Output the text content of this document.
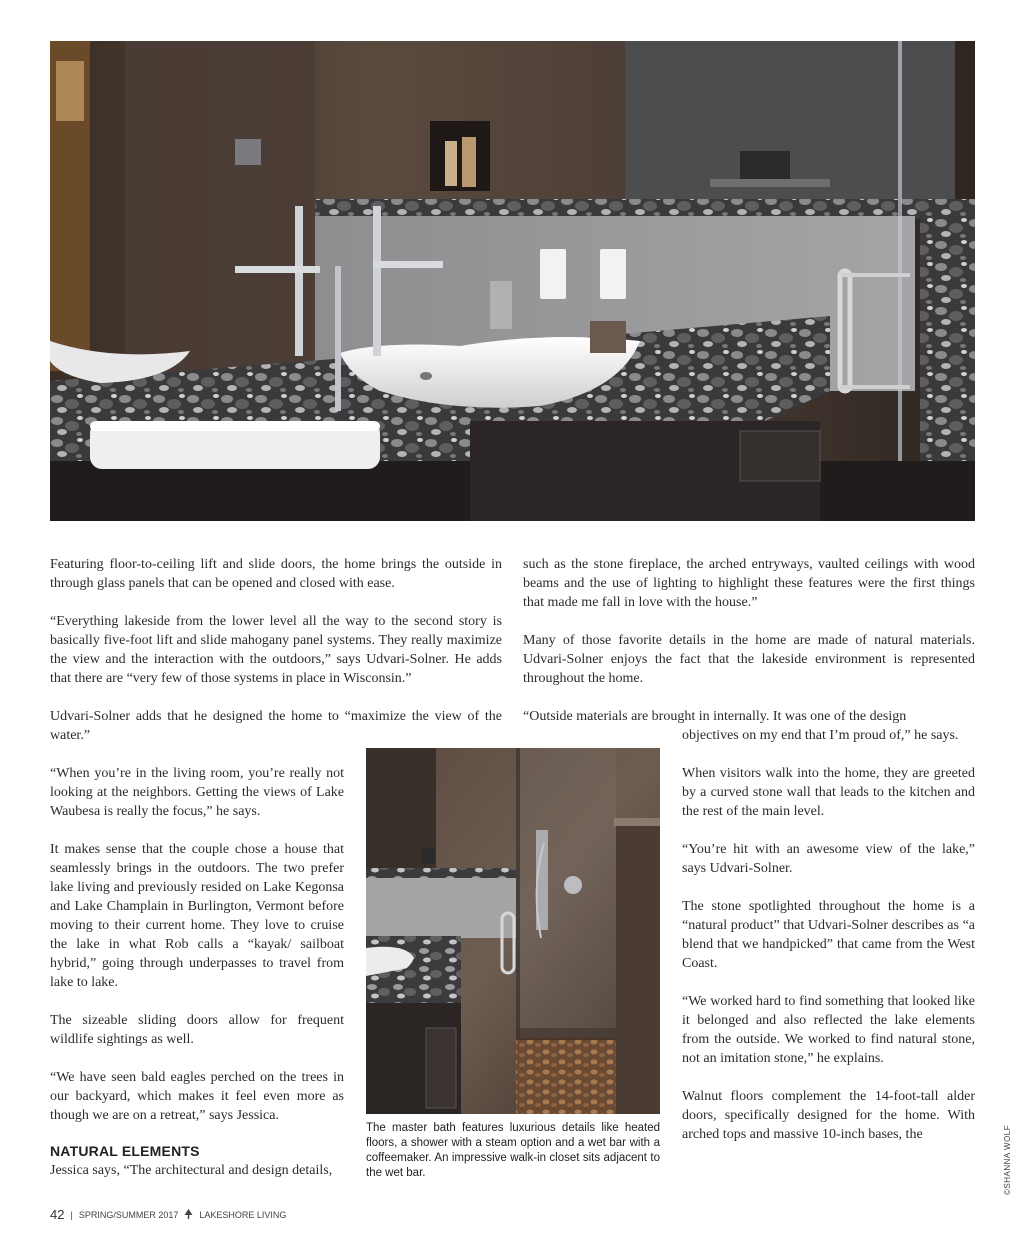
Featuring floor-to-ceiling lift and slide doors, the home brings the outside in through glass panels that can be opened and closed with ease.

“Everything lakeside from the lower level all the way to the second story is basically five-foot lift and slide mahogany panel systems. They really maximize the view and the interaction with the outdoors,” says Udvari-Solner. He adds that there are “very few of those systems in place in Wisconsin.”

Udvari-Solner adds that he designed the home to “maximize the view of the water.”

“When you’re in the living room, you’re really not looking at the neighbors. Getting the views of Lake Waubesa is really the focus,” he says.

It makes sense that the couple chose a house that seamlessly brings in the outdoors. The two prefer lake living and previously resided on Lake Kegonsa and Lake Champlain in Burlington, Vermont before moving to their current home. They love to cruise the lake in what Rob calls a “kayak/ sailboat hybrid,” going through underpasses to travel from lake to lake.

The sizeable sliding doors allow for frequent wildlife sightings as well.

“We have seen bald eagles perched on the trees in our backyard, which makes it feel even more as though we are on a retreat,” says Jessica.

NATURAL ELEMENTS
Jessica says, “The architectural and design details,

such as the stone fireplace, the arched entryways, vaulted ceilings with wood beams and the use of lighting to highlight these features were the first things that made me fall in love with the house.”

Many of those favorite details in the home are made of natural materials. Udvari-Solner enjoys the fact that the lakeside environment is represented throughout the home.

“Outside materials are brought in internally. It was one of the design

objectives on my end that I’m proud of,” he says.

When visitors walk into the home, they are greeted by a curved stone wall that leads to the kitchen and the rest of the main level.

“You’re hit with an awesome view of the lake,” says Udvari-Solner.

The stone spotlighted throughout the home is a “natural product” that Udvari-Solner describes as “a blend that we handpicked” that came from the West Coast.

“We worked hard to find something that looked like it belonged and also reflected the lake elements from the outside. We worked to find natural stone, not an imitation stone,” he explains.

Walnut floors complement the 14-foot-tall alder doors, specifically designed for the home. With arched tops and massive 10-inch bases, the

The master bath features luxurious details like heated floors, a shower with a steam option and a wet bar with a coffeemaker. An impressive walk-in closet sits adjacent to the wet bar.	©SHANNA WOLF
42 | SPRING/SUMMER 2017 LAKESHORE LIVING
